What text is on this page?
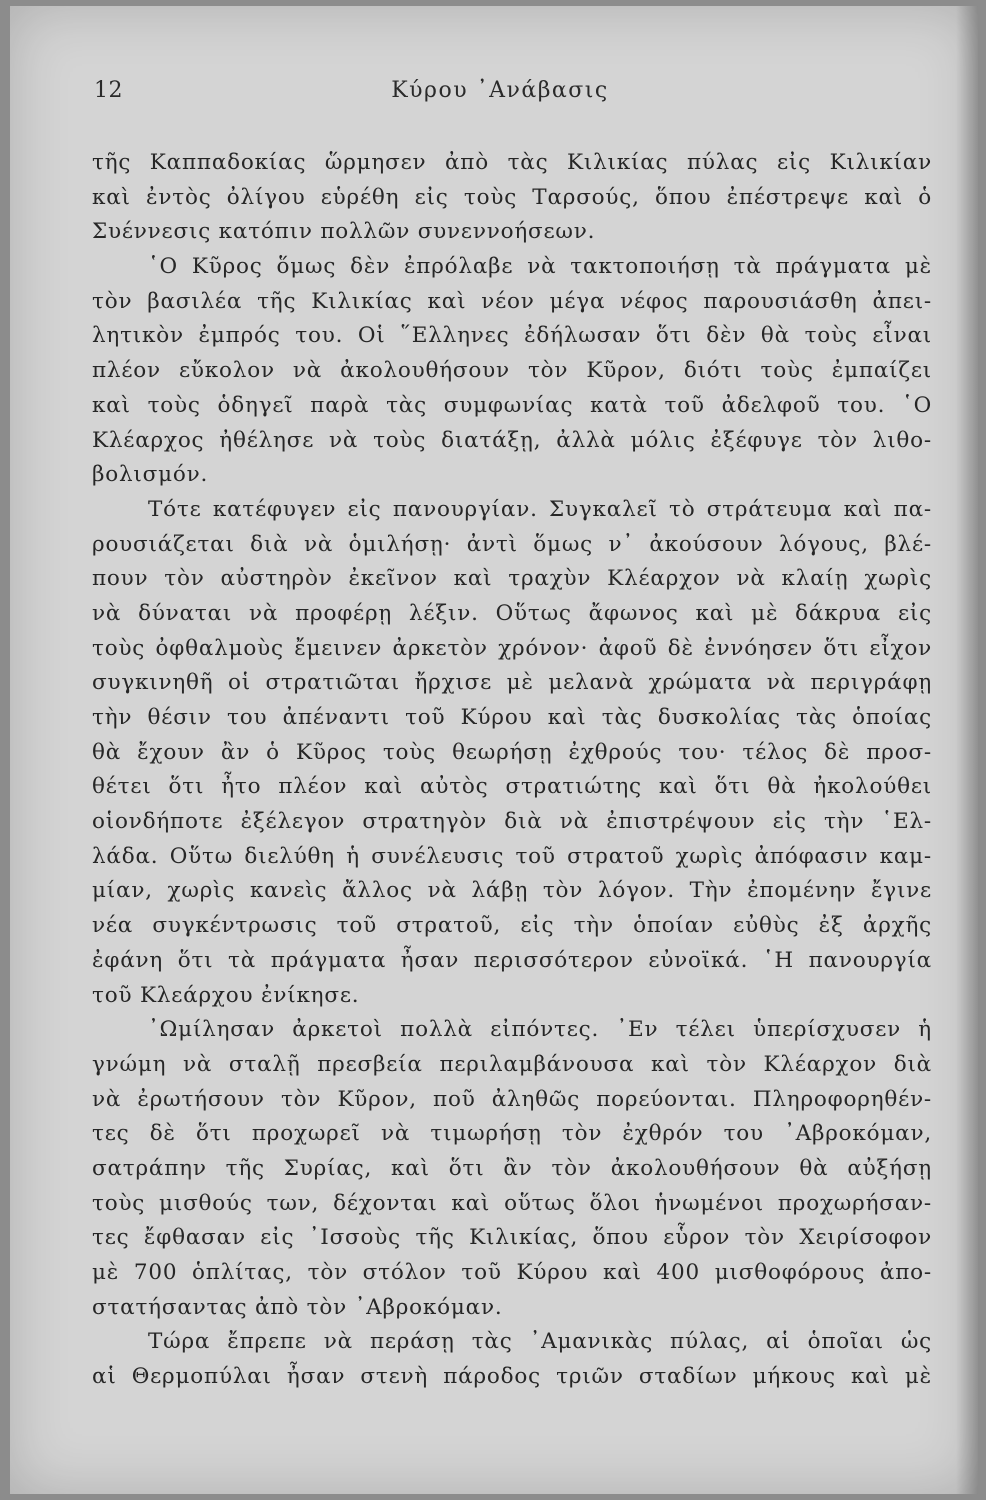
12	Κύρου ᾿Ανάβασις
τῆς Καππαδοκίας ὥρμησεν ἀπὸ τὰς Κιλικίας πύλας εἰς Κιλικίαν
καὶ ἐντὸς ὀλίγου εὑρέθη εἰς τοὺς Ταρσούς, ὅπου ἐπέστρεψε καὶ ὁ
Συέννεσις κατόπιν πολλῶν συνεννοήσεων.
῾Ο Κῦρος ὅμως δὲν ἐπρόλαβε νὰ τακτοποιήσῃ τὰ πράγματα μὲ
τὸν βασιλέα τῆς Κιλικίας καὶ νέον μέγα νέφος παρουσιάσθη ἀπει-
λητικὸν ἐμπρός του. Οἱ ῞Ελληνες ἐδήλωσαν ὅτι δὲν θὰ τοὺς εἶναι
πλέον εὔκολον νὰ ἀκολουθήσουν τὸν Κῦρον, διότι τοὺς ἐμπαίζει
καὶ τοὺς ὁδηγεῖ παρὰ τὰς συμφωνίας κατὰ τοῦ ἀδελφοῦ του. ῾Ο
Κλέαρχος ἠθέλησε νὰ τοὺς διατάξῃ, ἀλλὰ μόλις ἐξέφυγε τὸν λιθο-
βολισμόν.
Τότε κατέφυγεν εἰς πανουργίαν. Συγκαλεῖ τὸ στράτευμα καὶ πα-
ρουσιάζεται διὰ νὰ ὁμιλήσῃ· ἀντὶ ὅμως ν᾿ ἀκούσουν λόγους, βλέ-
πουν τὸν αὐστηρὸν ἐκεῖνον καὶ τραχὺν Κλέαρχον νὰ κλαίῃ χωρὶς
νὰ δύναται νὰ προφέρῃ λέξιν. Οὕτως ἄφωνος καὶ μὲ δάκρυα εἰς
τοὺς ὀφθαλμοὺς ἔμεινεν ἀρκετὸν χρόνον· ἀφοῦ δὲ ἐννόησεν ὅτι εἶχον
συγκινηθῆ οἱ στρατιῶται ἤρχισε μὲ μελανὰ χρώματα νὰ περιγράφῃ
τὴν θέσιν του ἀπέναντι τοῦ Κύρου καὶ τὰς δυσκολίας τὰς ὁποίας
θὰ ἔχουν ἂν ὁ Κῦρος τοὺς θεωρήσῃ ἐχθρούς του· τέλος δὲ προσ-
θέτει ὅτι ἦτο πλέον καὶ αὐτὸς στρατιώτης καὶ ὅτι θὰ ἠκολούθει
οἱονδήποτε ἐξέλεγον στρατηγὸν διὰ νὰ ἐπιστρέψουν εἰς τὴν ῾Ελ-
λάδα. Οὕτω διελύθη ἡ συνέλευσις τοῦ στρατοῦ χωρὶς ἀπόφασιν καμ-
μίαν, χωρὶς κανεὶς ἄλλος νὰ λάβῃ τὸν λόγον. Τὴν ἐπομένην ἔγινε
νέα συγκέντρωσις τοῦ στρατοῦ, εἰς τὴν ὁποίαν εὐθὺς ἐξ ἀρχῆς
ἐφάνη ὅτι τὰ πράγματα ἦσαν περισσότερον εὐνοϊκά. ῾Η πανουργία
τοῦ Κλεάρχου ἐνίκησε.
᾿Ωμίλησαν ἀρκετοὶ πολλὰ εἰπόντες. ᾿Εν τέλει ὑπερίσχυσεν ἡ
γνώμη νὰ σταλῇ πρεσβεία περιλαμβάνουσα καὶ τὸν Κλέαρχον διὰ
νὰ ἐρωτήσουν τὸν Κῦρον, ποῦ ἀληθῶς πορεύονται. Πληροφορηθέν-
τες δὲ ὅτι προχωρεῖ νὰ τιμωρήσῃ τὸν ἐχθρόν του ᾿Αβροκόμαν,
σατράπην τῆς Συρίας, καὶ ὅτι ἂν τὸν ἀκολουθήσουν θὰ αὐξήσῃ
τοὺς μισθούς των, δέχονται καὶ οὕτως ὅλοι ἡνωμένοι προχωρήσαν-
τες ἔφθασαν εἰς ᾿Ισσοὺς τῆς Κιλικίας, ὅπου εὗρον τὸν Χειρίσοφον
μὲ 700 ὁπλίτας, τὸν στόλον τοῦ Κύρου καὶ 400 μισθοφόρους ἀπο-
στατήσαντας ἀπὸ τὸν ᾿Αβροκόμαν.
Τώρα ἔπρεπε νὰ περάσῃ τὰς ᾿Αμανικὰς πύλας, αἱ ὁποῖαι ὡς
αἱ Θερμοπύλαι ἦσαν στενὴ πάροδος τριῶν σταδίων μήκους καὶ μὲ
